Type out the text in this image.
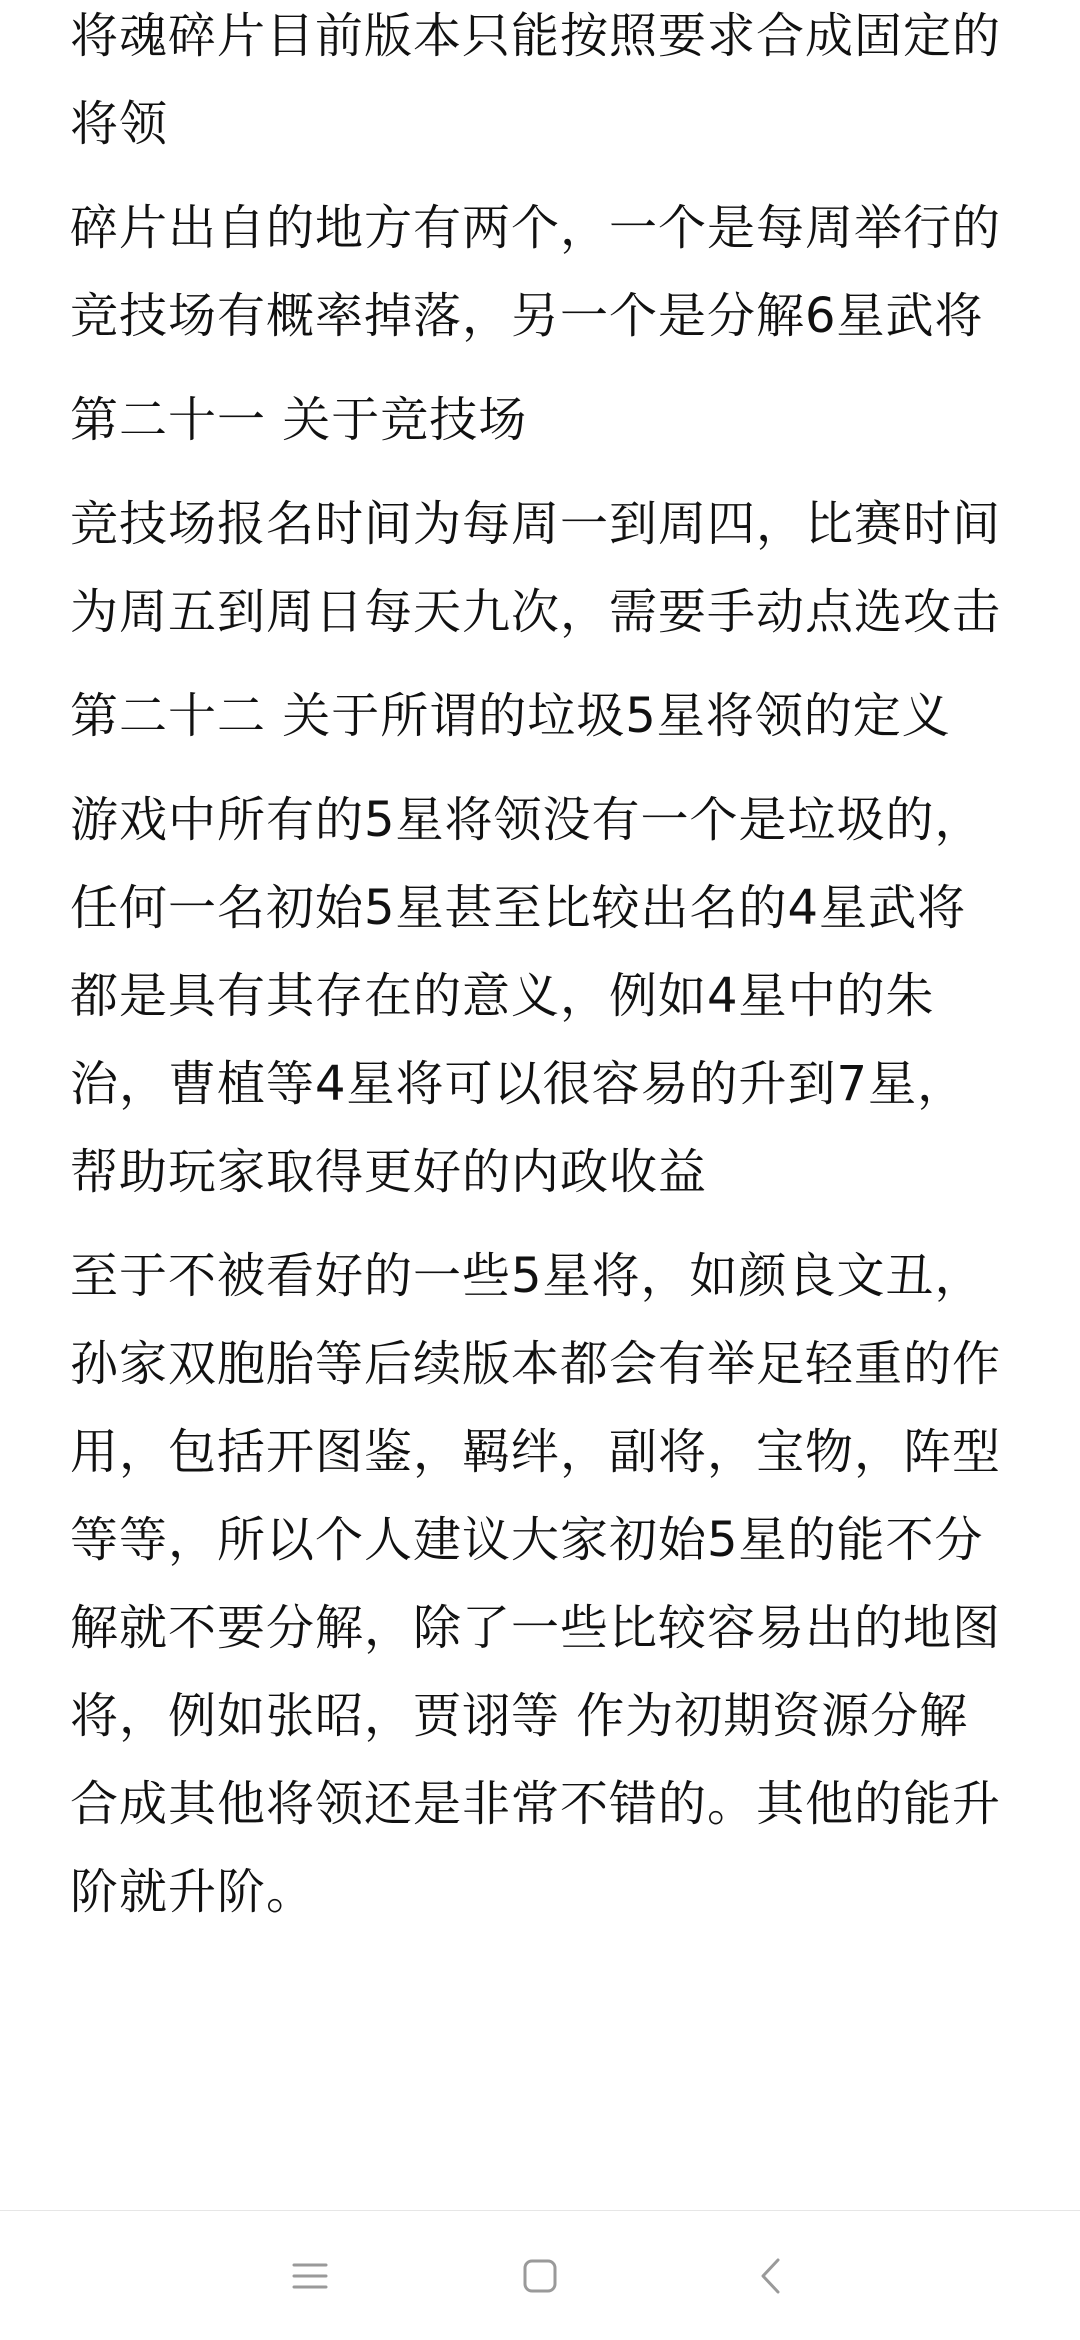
将魂碎片目前版本只能按照要求合成固定的将领

碎片出自的地方有两个，一个是每周举行的竞技场有概率掉落，另一个是分解6星武将

第二十一 关于竞技场

竞技场报名时间为每周一到周四，比赛时间为周五到周日每天九次，需要手动点选攻击

第二十二 关于所谓的垃圾5星将领的定义

游戏中所有的5星将领没有一个是垃圾的，任何一名初始5星甚至比较出名的4星武将都是具有其存在的意义，例如4星中的朱治，曹植等4星将可以很容易的升到7星，帮助玩家取得更好的内政收益

至于不被看好的一些5星将，如颜良文丑，孙家双胞胎等后续版本都会有举足轻重的作用，包括开图鉴，羁绊，副将，宝物，阵型等等，所以个人建议大家初始5星的能不分解就不要分解，除了一些比较容易出的地图将，例如张昭，贾诩等 作为初期资源分解合成其他将领还是非常不错的。其他的能升阶就升阶。
